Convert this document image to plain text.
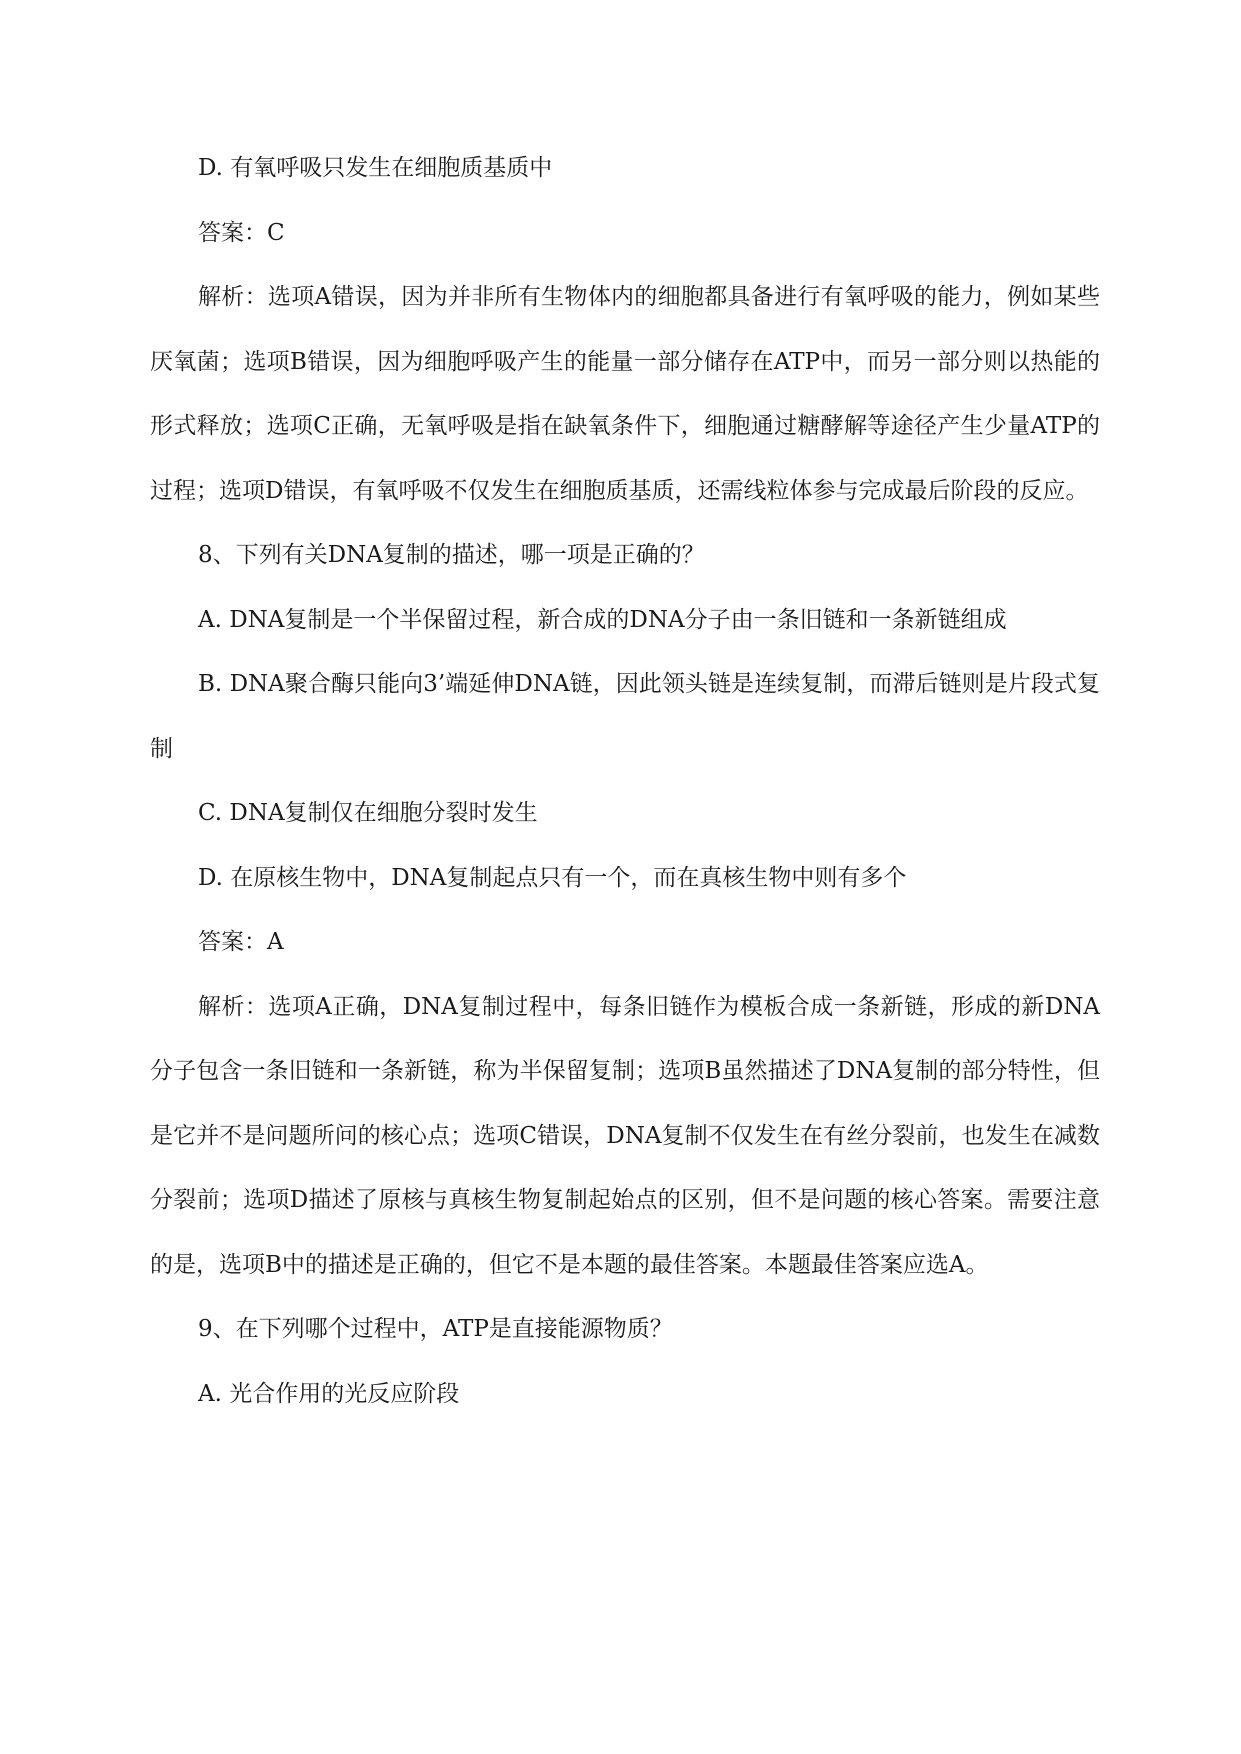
D. 有氧呼吸只发生在细胞质基质中

答案：C

解析：选项A错误，因为并非所有生物体内的细胞都具备进行有氧呼吸的能力，例如某些厌氧菌；选项B错误，因为细胞呼吸产生的能量一部分储存在ATP中，而另一部分则以热能的形式释放；选项C正确，无氧呼吸是指在缺氧条件下，细胞通过糖酵解等途径产生少量ATP的过程；选项D错误，有氧呼吸不仅发生在细胞质基质，还需线粒体参与完成最后阶段的反应。

8、下列有关DNA复制的描述，哪一项是正确的？

A. DNA复制是一个半保留过程，新合成的DNA分子由一条旧链和一条新链组成

B. DNA聚合酶只能向3’端延伸DNA链，因此领头链是连续复制，而滞后链则是片段式复制

C. DNA复制仅在细胞分裂时发生

D. 在原核生物中，DNA复制起点只有一个，而在真核生物中则有多个

答案：A

解析：选项A正确，DNA复制过程中，每条旧链作为模板合成一条新链，形成的新DNA分子包含一条旧链和一条新链，称为半保留复制；选项B虽然描述了DNA复制的部分特性，但是它并不是问题所问的核心点；选项C错误，DNA复制不仅发生在有丝分裂前，也发生在减数分裂前；选项D描述了原核与真核生物复制起始点的区别，但不是问题的核心答案。需要注意的是，选项B中的描述是正确的，但它不是本题的最佳答案。本题最佳答案应选A。

9、在下列哪个过程中，ATP是直接能源物质？

A. 光合作用的光反应阶段
